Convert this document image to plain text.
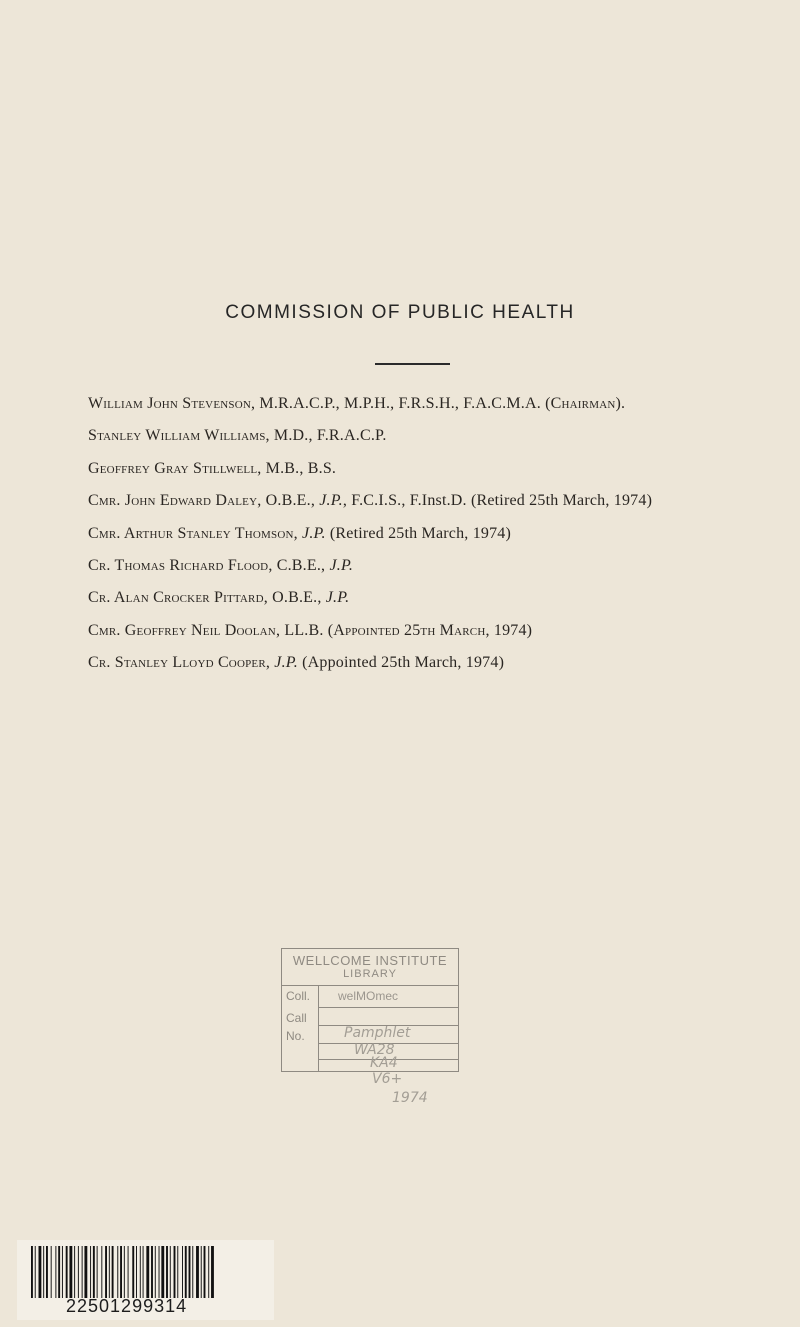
COMMISSION OF PUBLIC HEALTH
William John Stevenson, M.R.A.C.P., M.P.H., F.R.S.H., F.A.C.M.A. (Chairman).
Stanley William Williams, M.D., F.R.A.C.P.
Geoffrey Gray Stillwell, M.B., B.S.
Cmr. John Edward Daley, O.B.E., J.P., F.C.I.S., F.Inst.D. (Retired 25th March, 1974)
Cmr. Arthur Stanley Thomson, J.P. (Retired 25th March, 1974)
Cr. Thomas Richard Flood, C.B.E., J.P.
Cr. Alan Crocker Pittard, O.B.E., J.P.
Cmr. Geoffrey Neil Doolan, LL.B. (Appointed 25th March, 1974)
Cr. Stanley Lloyd Cooper, J.P. (Appointed 25th March, 1974)
WELLCOME INSTITUTE
LIBRARY
Coll. welMOmec
Call
No.	Pamphlet
WA28
KA4
V6+
1974
22501299314
